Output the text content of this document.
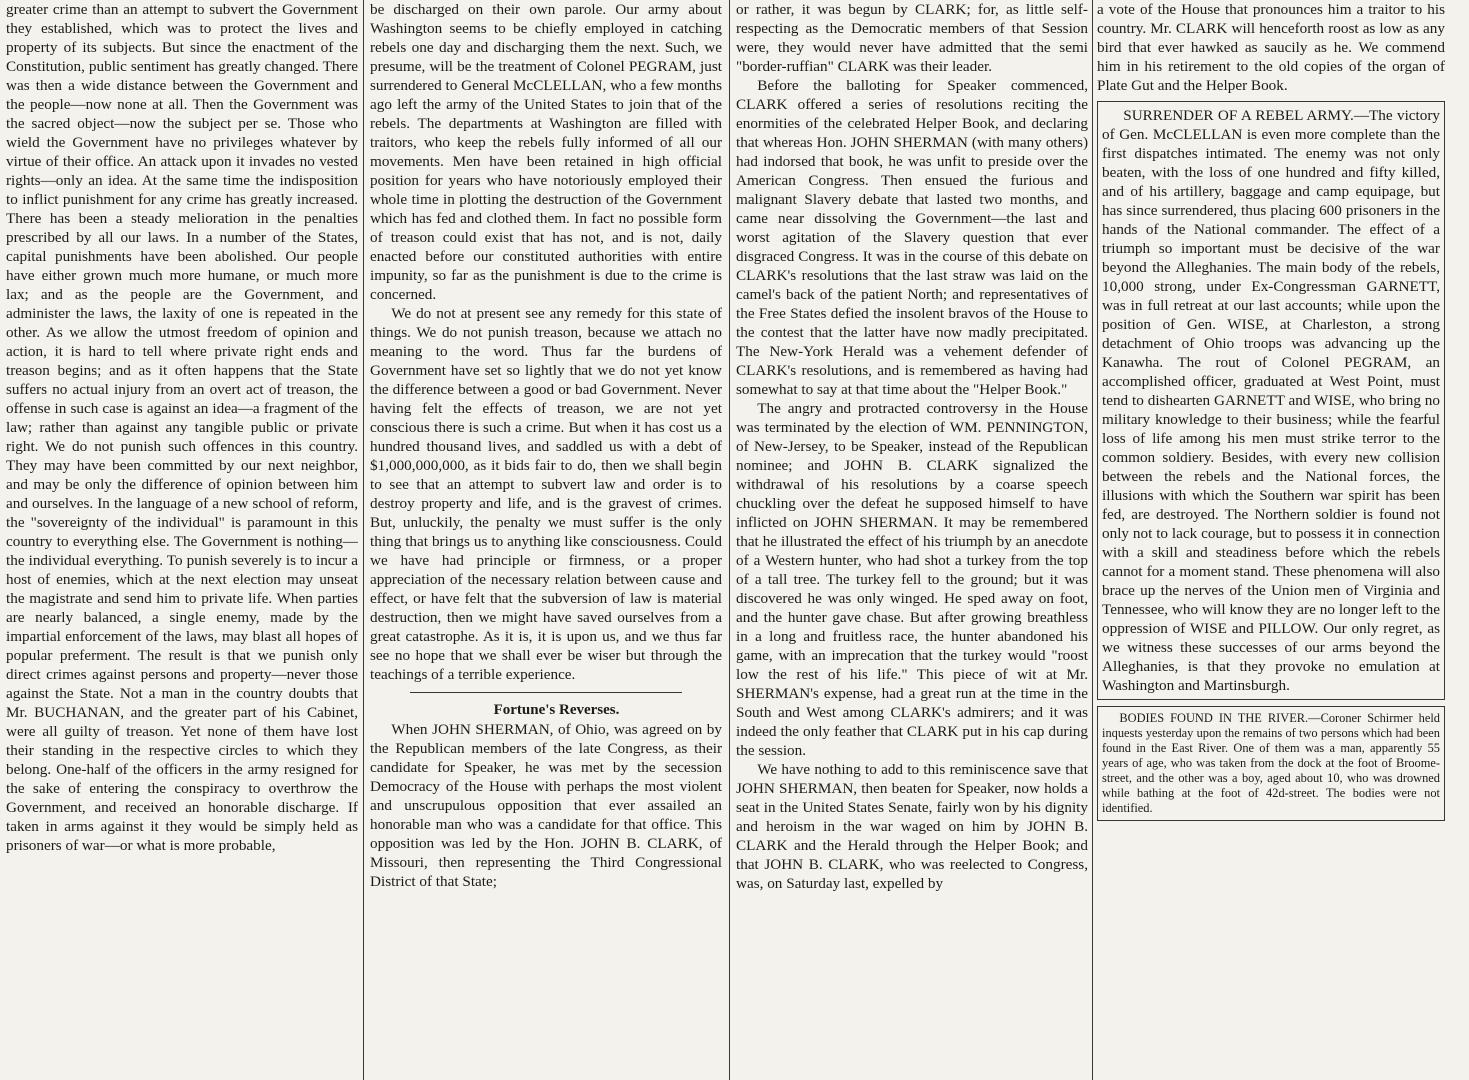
greater crime than an attempt to subvert the Government they established, which was to protect the lives and property of its subjects. But since the enactment of the Constitution, public sentiment has greatly changed. There was then a wide distance between the Government and the people—now none at all. Then the Government was the sacred object—now the subject per se. Those who wield the Government have no privileges whatever by virtue of their office. An attack upon it invades no vested rights—only an idea. At the same time the indisposition to inflict punishment for any crime has greatly increased. There has been a steady melioration in the penalties prescribed by all our laws. In a number of the States, capital punishments have been abolished. Our people have either grown much more humane, or much more lax; and as the people are the Government, and administer the laws, the laxity of one is repeated in the other. As we allow the utmost freedom of opinion and action, it is hard to tell where private right ends and treason begins; and as it often happens that the State suffers no actual injury from an overt act of treason, the offense in such case is against an idea—a fragment of the law; rather than against any tangible public or private right. We do not punish such offences in this country. They may have been committed by our next neighbor, and may be only the difference of opinion between him and ourselves. In the language of a new school of reform, the "sovereignty of the individual" is paramount in this country to everything else. The Government is nothing—the individual everything. To punish severely is to incur a host of enemies, which at the next election may unseat the magistrate and send him to private life. When parties are nearly balanced, a single enemy, made by the impartial enforcement of the laws, may blast all hopes of popular preferment. The result is that we punish only direct crimes against persons and property—never those against the State. Not a man in the country doubts that Mr. BUCHANAN, and the greater part of his Cabinet, were all guilty of treason. Yet none of them have lost their standing in the respective circles to which they belong. One-half of the officers in the army resigned for the sake of entering the conspiracy to overthrow the Government, and received an honorable discharge. If taken in arms against it they would be simply held as prisoners of war—or what is more probable,

be discharged on their own parole. Our army about Washington seems to be chiefly employed in catching rebels one day and discharging them the next. Such, we presume, will be the treatment of Colonel PEGRAM, just surrendered to General McCLELLAN, who a few months ago left the army of the United States to join that of the rebels. The departments at Washington are filled with traitors, who keep the rebels fully informed of all our movements. Men have been retained in high official position for years who have notoriously employed their whole time in plotting the destruction of the Government which has fed and clothed them. In fact no possible form of treason could exist that has not, and is not, daily enacted before our constituted authorities with entire impunity, so far as the punishment is due to the crime is concerned.

We do not at present see any remedy for this state of things. We do not punish treason, because we attach no meaning to the word. Thus far the burdens of Government have set so lightly that we do not yet know the difference between a good or bad Government. Never having felt the effects of treason, we are not yet conscious there is such a crime. But when it has cost us a hundred thousand lives, and saddled us with a debt of $1,000,000,000, as it bids fair to do, then we shall begin to see that an attempt to subvert law and order is to destroy property and life, and is the gravest of crimes. But, unluckily, the penalty we must suffer is the only thing that brings us to anything like consciousness. Could we have had principle or firmness, or a proper appreciation of the necessary relation between cause and effect, or have felt that the subversion of law is material destruction, then we might have saved ourselves from a great catastrophe. As it is, it is upon us, and we thus far see no hope that we shall ever be wiser but through the teachings of a terrible experience.

Fortune's Reverses.

When JOHN SHERMAN, of Ohio, was agreed on by the Republican members of the late Congress, as their candidate for Speaker, he was met by the secession Democracy of the House with perhaps the most violent and unscrupulous opposition that ever assailed an honorable man who was a candidate for that office. This opposition was led by the Hon. JOHN B. CLARK, of Missouri, then representing the Third Congressional District of that State;

or rather, it was begun by CLARK; for, as little self-respecting as the Democratic members of that Session were, they would never have admitted that the semi "border-ruffian" CLARK was their leader.

Before the balloting for Speaker commenced, CLARK offered a series of resolutions reciting the enormities of the celebrated Helper Book, and declaring that whereas Hon. JOHN SHERMAN (with many others) had indorsed that book, he was unfit to preside over the American Congress. Then ensued the furious and malignant Slavery debate that lasted two months, and came near dissolving the Government—the last and worst agitation of the Slavery question that ever disgraced Congress. It was in the course of this debate on CLARK's resolutions that the last straw was laid on the camel's back of the patient North; and representatives of the Free States defied the insolent bravos of the House to the contest that the latter have now madly precipitated. The New-York Herald was a vehement defender of CLARK's resolutions, and is remembered as having had somewhat to say at that time about the "Helper Book."

The angry and protracted controversy in the House was terminated by the election of WM. PENNINGTON, of New-Jersey, to be Speaker, instead of the Republican nominee; and JOHN B. CLARK signalized the withdrawal of his resolutions by a coarse speech chuckling over the defeat he supposed himself to have inflicted on JOHN SHERMAN. It may be remembered that he illustrated the effect of his triumph by an anecdote of a Western hunter, who had shot a turkey from the top of a tall tree. The turkey fell to the ground; but it was discovered he was only winged. He sped away on foot, and the hunter gave chase. But after growing breathless in a long and fruitless race, the hunter abandoned his game, with an imprecation that the turkey would "roost low the rest of his life." This piece of wit at Mr. SHERMAN's expense, had a great run at the time in the South and West among CLARK's admirers; and it was indeed the only feather that CLARK put in his cap during the session.

We have nothing to add to this reminiscence save that JOHN SHERMAN, then beaten for Speaker, now holds a seat in the United States Senate, fairly won by his dignity and heroism in the war waged on him by JOHN B. CLARK and the Herald through the Helper Book; and that JOHN B. CLARK, who was reelected to Congress, was, on Saturday last, expelled by

a vote of the House that pronounces him a traitor to his country. Mr. CLARK will henceforth roost as low as any bird that ever hawked as saucily as he. We commend him in his retirement to the old copies of the organ of Plate Gut and the Helper Book.

SURRENDER OF A REBEL ARMY.—The victory of Gen. McCLELLAN is even more complete than the first dispatches intimated. The enemy was not only beaten, with the loss of one hundred and fifty killed, and of his artillery, baggage and camp equipage, but has since surrendered, thus placing 600 prisoners in the hands of the National commander. The effect of a triumph so important must be decisive of the war beyond the Alleghanies. The main body of the rebels, 10,000 strong, under Ex-Congressman GARNETT, was in full retreat at our last accounts; while upon the position of Gen. WISE, at Charleston, a strong detachment of Ohio troops was advancing up the Kanawha. The rout of Colonel PEGRAM, an accomplished officer, graduated at West Point, must tend to dishearten GARNETT and WISE, who bring no military knowledge to their business; while the fearful loss of life among his men must strike terror to the common soldiery. Besides, with every new collision between the rebels and the National forces, the illusions with which the Southern war spirit has been fed, are destroyed. The Northern soldier is found not only not to lack courage, but to possess it in connection with a skill and steadiness before which the rebels cannot for a moment stand. These phenomena will also brace up the nerves of the Union men of Virginia and Tennessee, who will know they are no longer left to the oppression of WISE and PILLOW. Our only regret, as we witness these successes of our arms beyond the Alleghanies, is that they provoke no emulation at Washington and Martinsburgh.

BODIES FOUND IN THE RIVER.—Coroner Schirmer held inquests yesterday upon the remains of two persons which had been found in the East River. One of them was a man, apparently 55 years of age, who was taken from the dock at the foot of Broome-street, and the other was a boy, aged about 10, who was drowned while bathing at the foot of 42d-street. The bodies were not identified.
